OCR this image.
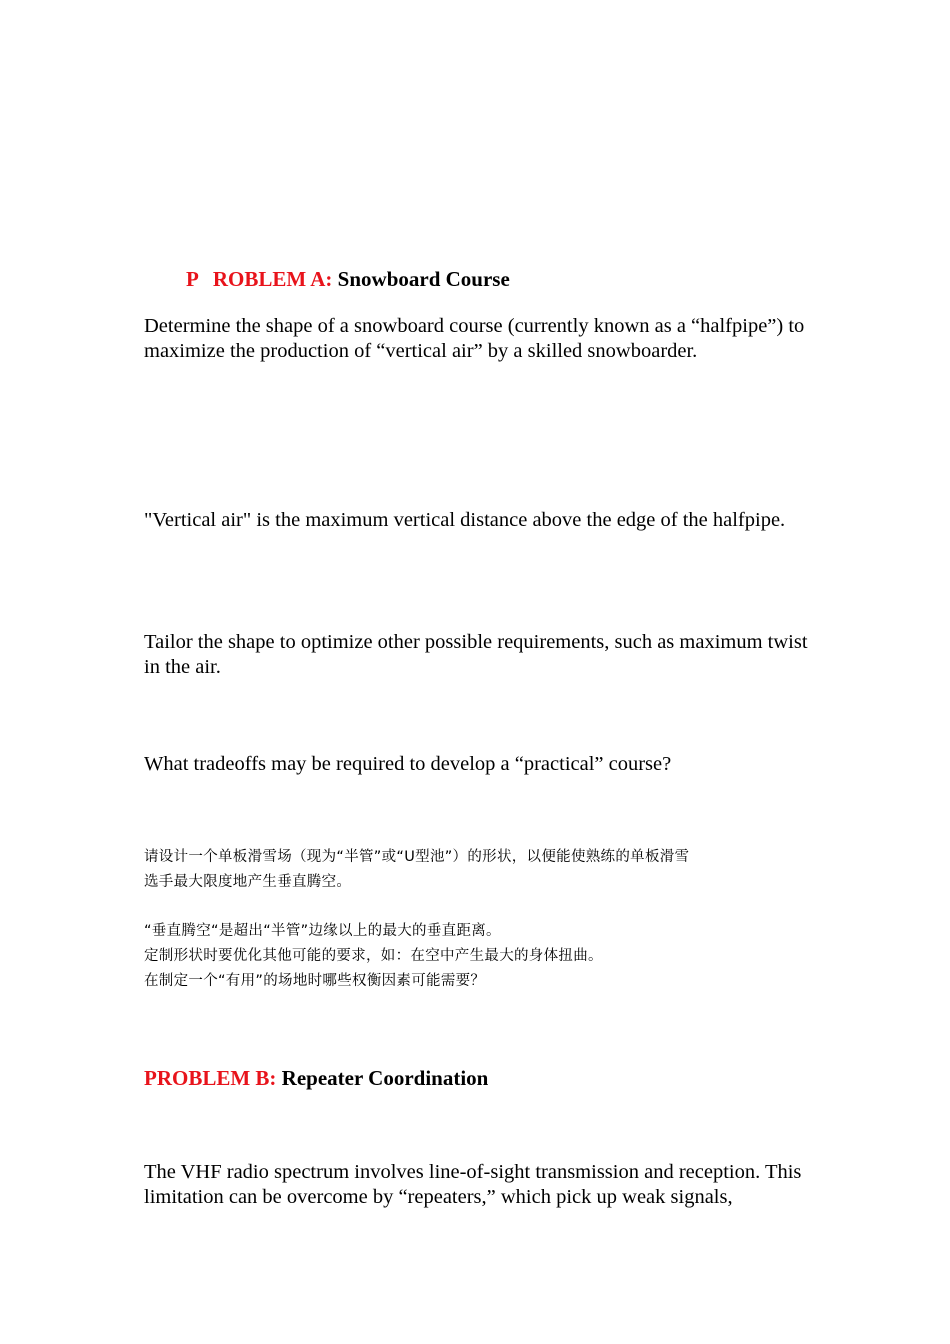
P ROBLEM A: Snowboard Course

Determine the shape of a snowboard course (currently known as a “halfpipe”) to maximize the production of “vertical air” by a skilled snowboarder.

"Vertical air" is the maximum vertical distance above the edge of the halfpipe.

Tailor the shape to optimize other possible requirements, such as maximum twist in the air.

What tradeoffs may be required to develop a “practical” course?

请设计一个单板滑雪场（现为“半管”或“U型池”）的形状，以便能使熟练的单板滑雪

选手最大限度地产生垂直腾空。

“垂直腾空“是超出“半管”边缘以上的最大的垂直距离。

定制形状时要优化其他可能的要求，如：在空中产生最大的身体扭曲。

在制定一个“有用”的场地时哪些权衡因素可能需要？

PROBLEM B: Repeater Coordination

The VHF radio spectrum involves line-of-sight transmission and reception. This limitation can be overcome by “repeaters,” which pick up weak signals,
